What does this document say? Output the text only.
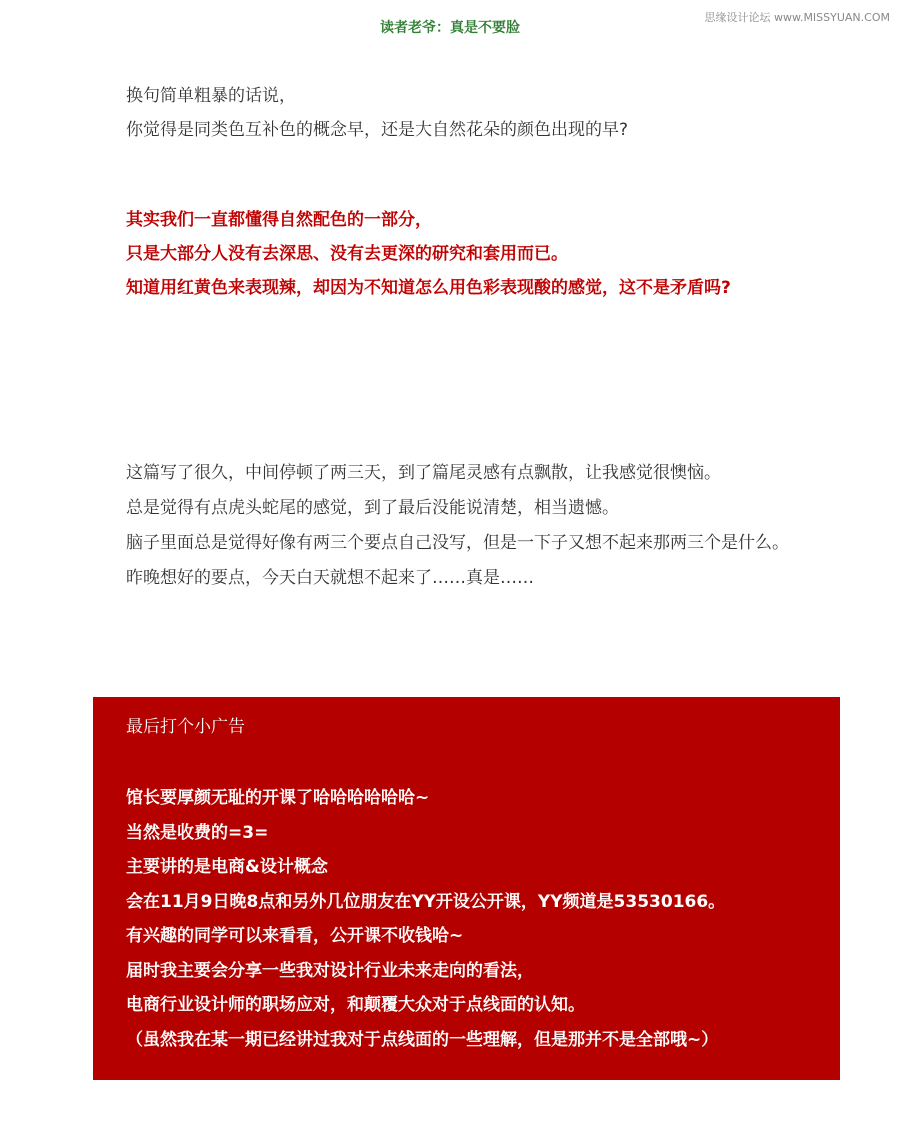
思缘设计论坛 www.MISSYUAN.COM
读者老爷：真是不要脸
换句简单粗暴的话说，
你觉得是同类色互补色的概念早，还是大自然花朵的颜色出现的早?
其实我们一直都懂得自然配色的一部分，
只是大部分人没有去深思、没有去更深的研究和套用而已。
知道用红黄色来表现辣，却因为不知道怎么用色彩表现酸的感觉，这不是矛盾吗?
这篇写了很久，中间停顿了两三天，到了篇尾灵感有点飘散，让我感觉很懊恼。
总是觉得有点虎头蛇尾的感觉，到了最后没能说清楚，相当遗憾。
脑子里面总是觉得好像有两三个要点自己没写，但是一下子又想不起来那两三个是什么。
昨晚想好的要点，今天白天就想不起来了……真是……
最后打个小广告
馆长要厚颜无耻的开课了哈哈哈哈哈哈~
当然是收费的=3=
主要讲的是电商&设计概念
会在11月9日晚8点和另外几位朋友在YY开设公开课，YY频道是53530166。
有兴趣的同学可以来看看，公开课不收钱哈~
届时我主要会分享一些我对设计行业未来走向的看法，
电商行业设计师的职场应对，和颠覆大众对于点线面的认知。
（虽然我在某一期已经讲过我对于点线面的一些理解，但是那并不是全部哦~）
